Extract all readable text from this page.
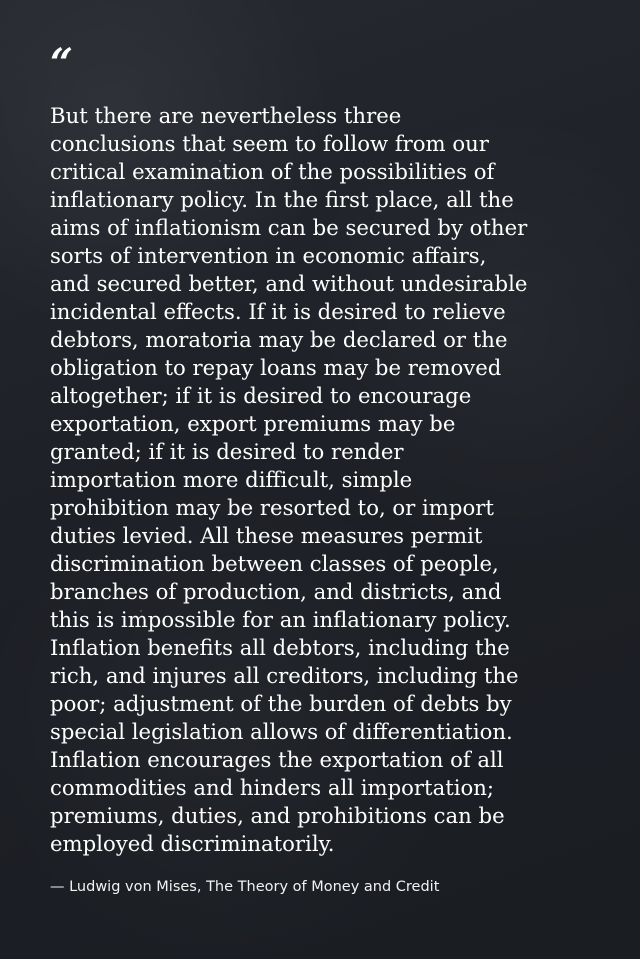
“

But there are nevertheless three
conclusions that seem to follow from our
critical examination of the possibilities of
inflationary policy. In the first place, all the
aims of inflationism can be secured by other
sorts of intervention in economic affairs,
and secured better, and without undesirable
incidental effects. If it is desired to relieve
debtors, moratoria may be declared or the
obligation to repay loans may be removed
altogether; if it is desired to encourage
exportation, export premiums may be
granted; if it is desired to render
importation more difficult, simple
prohibition may be resorted to, or import
duties levied. All these measures permit
discrimination between classes of people,
branches of production, and districts, and
this is impossible for an inflationary policy.
Inflation benefits all debtors, including the
rich, and injures all creditors, including the
poor; adjustment of the burden of debts by
special legislation allows of differentiation.
Inflation encourages the exportation of all
commodities and hinders all importation;
premiums, duties, and prohibitions can be
employed discriminatorily.

— Ludwig von Mises, The Theory of Money and Credit
